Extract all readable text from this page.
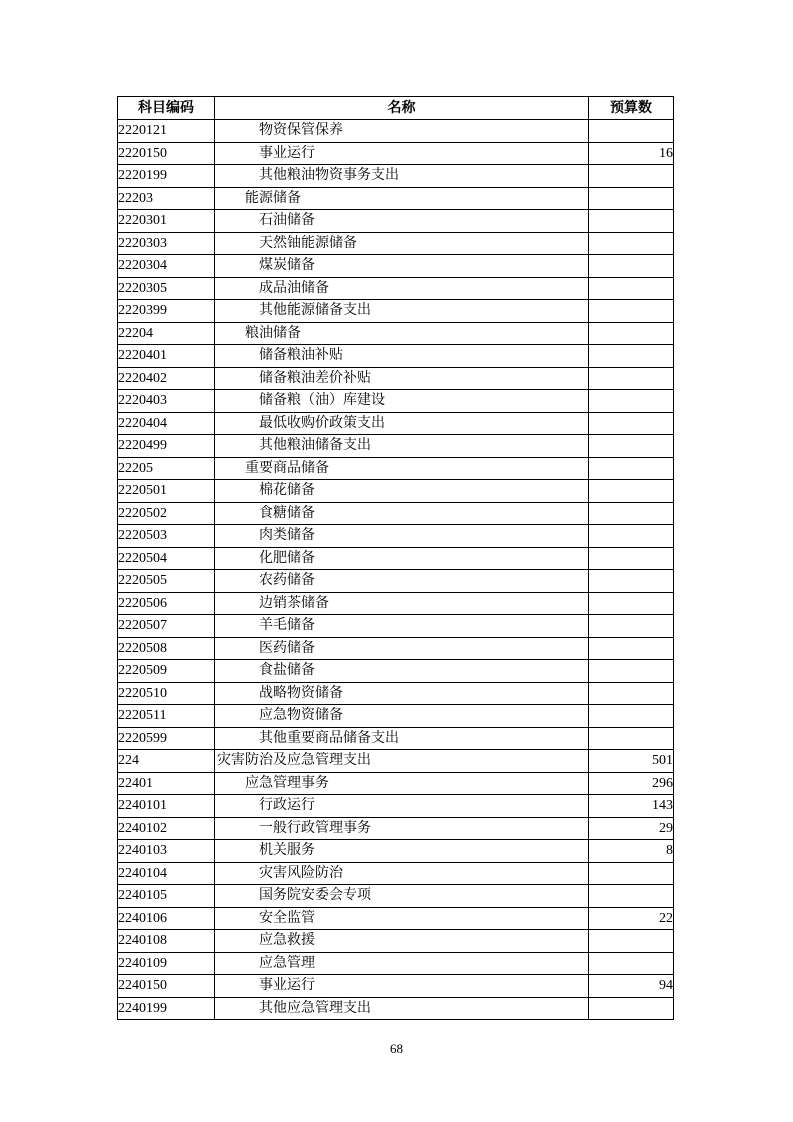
科目编码	名称	预算数
2220121	物资保管保养	
2220150	事业运行	16
2220199	其他粮油物资事务支出	
22203	能源储备	
2220301	石油储备	
2220303	天然铀能源储备	
2220304	煤炭储备	
2220305	成品油储备	
2220399	其他能源储备支出	
22204	粮油储备	
2220401	储备粮油补贴	
2220402	储备粮油差价补贴	
2220403	储备粮（油）库建设	
2220404	最低收购价政策支出	
2220499	其他粮油储备支出	
22205	重要商品储备	
2220501	棉花储备	
2220502	食糖储备	
2220503	肉类储备	
2220504	化肥储备	
2220505	农药储备	
2220506	边销茶储备	
2220507	羊毛储备	
2220508	医药储备	
2220509	食盐储备	
2220510	战略物资储备	
2220511	应急物资储备	
2220599	其他重要商品储备支出	
224	灾害防治及应急管理支出	501
22401	应急管理事务	296
2240101	行政运行	143
2240102	一般行政管理事务	29
2240103	机关服务	8
2240104	灾害风险防治	
2240105	国务院安委会专项	
2240106	安全监管	22
2240108	应急救援	
2240109	应急管理	
2240150	事业运行	94
2240199	其他应急管理支出	
68
